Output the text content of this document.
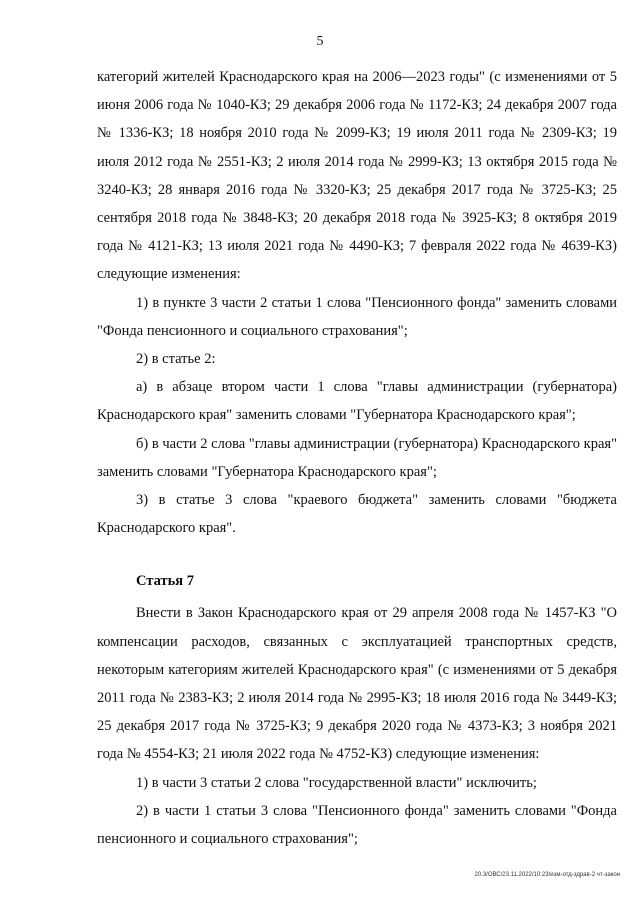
5

категорий жителей Краснодарского края на 2006—2023 годы" (с изменениями от 5 июня 2006 года № 1040-КЗ; 29 декабря 2006 года № 1172-КЗ; 24 декабря 2007 года № 1336-КЗ; 18 ноября 2010 года № 2099-КЗ; 19 июля 2011 года № 2309-КЗ; 19 июля 2012 года № 2551-КЗ; 2 июля 2014 года № 2999-КЗ; 13 октября 2015 года № 3240-КЗ; 28 января 2016 года № 3320-КЗ; 25 декабря 2017 года № 3725-КЗ; 25 сентября 2018 года № 3848-КЗ; 20 декабря 2018 года № 3925-КЗ; 8 октября 2019 года № 4121-КЗ; 13 июля 2021 года № 4490-КЗ; 7 февраля 2022 года № 4639-КЗ) следующие изменения:

1) в пункте 3 части 2 статьи 1 слова "Пенсионного фонда" заменить словами "Фонда пенсионного и социального страхования";

2) в статье 2:

а) в абзаце втором части 1 слова "главы администрации (губернатора) Краснодарского края" заменить словами "Губернатора Краснодарского края";

б) в части 2 слова "главы администрации (губернатора) Краснодарского края" заменить словами "Губернатора Краснодарского края";

3) в статье 3 слова "краевого бюджета" заменить словами "бюджета Краснодарского края".

Статья 7

Внести в Закон Краснодарского края от 29 апреля 2008 года № 1457-КЗ "О компенсации расходов, связанных с эксплуатацией транспортных средств, некоторым категориям жителей Краснодарского края" (с изменениями от 5 декабря 2011 года № 2383-КЗ; 2 июля 2014 года № 2995-КЗ; 18 июля 2016 года № 3449-КЗ; 25 декабря 2017 года № 3725-КЗ; 9 декабря 2020 года № 4373-КЗ; 3 ноября 2021 года № 4554-КЗ; 21 июля 2022 года № 4752-КЗ) следующие изменения:

1) в части 3 статьи 2 слова "государственной власти" исключить;

2) в части 1 статьи 3 слова "Пенсионного фонда" заменить словами "Фонда пенсионного и социального страхования";

20.3/ОВС/23.11.2022/10:23/изм-отд-здрав-2 чт-закон
